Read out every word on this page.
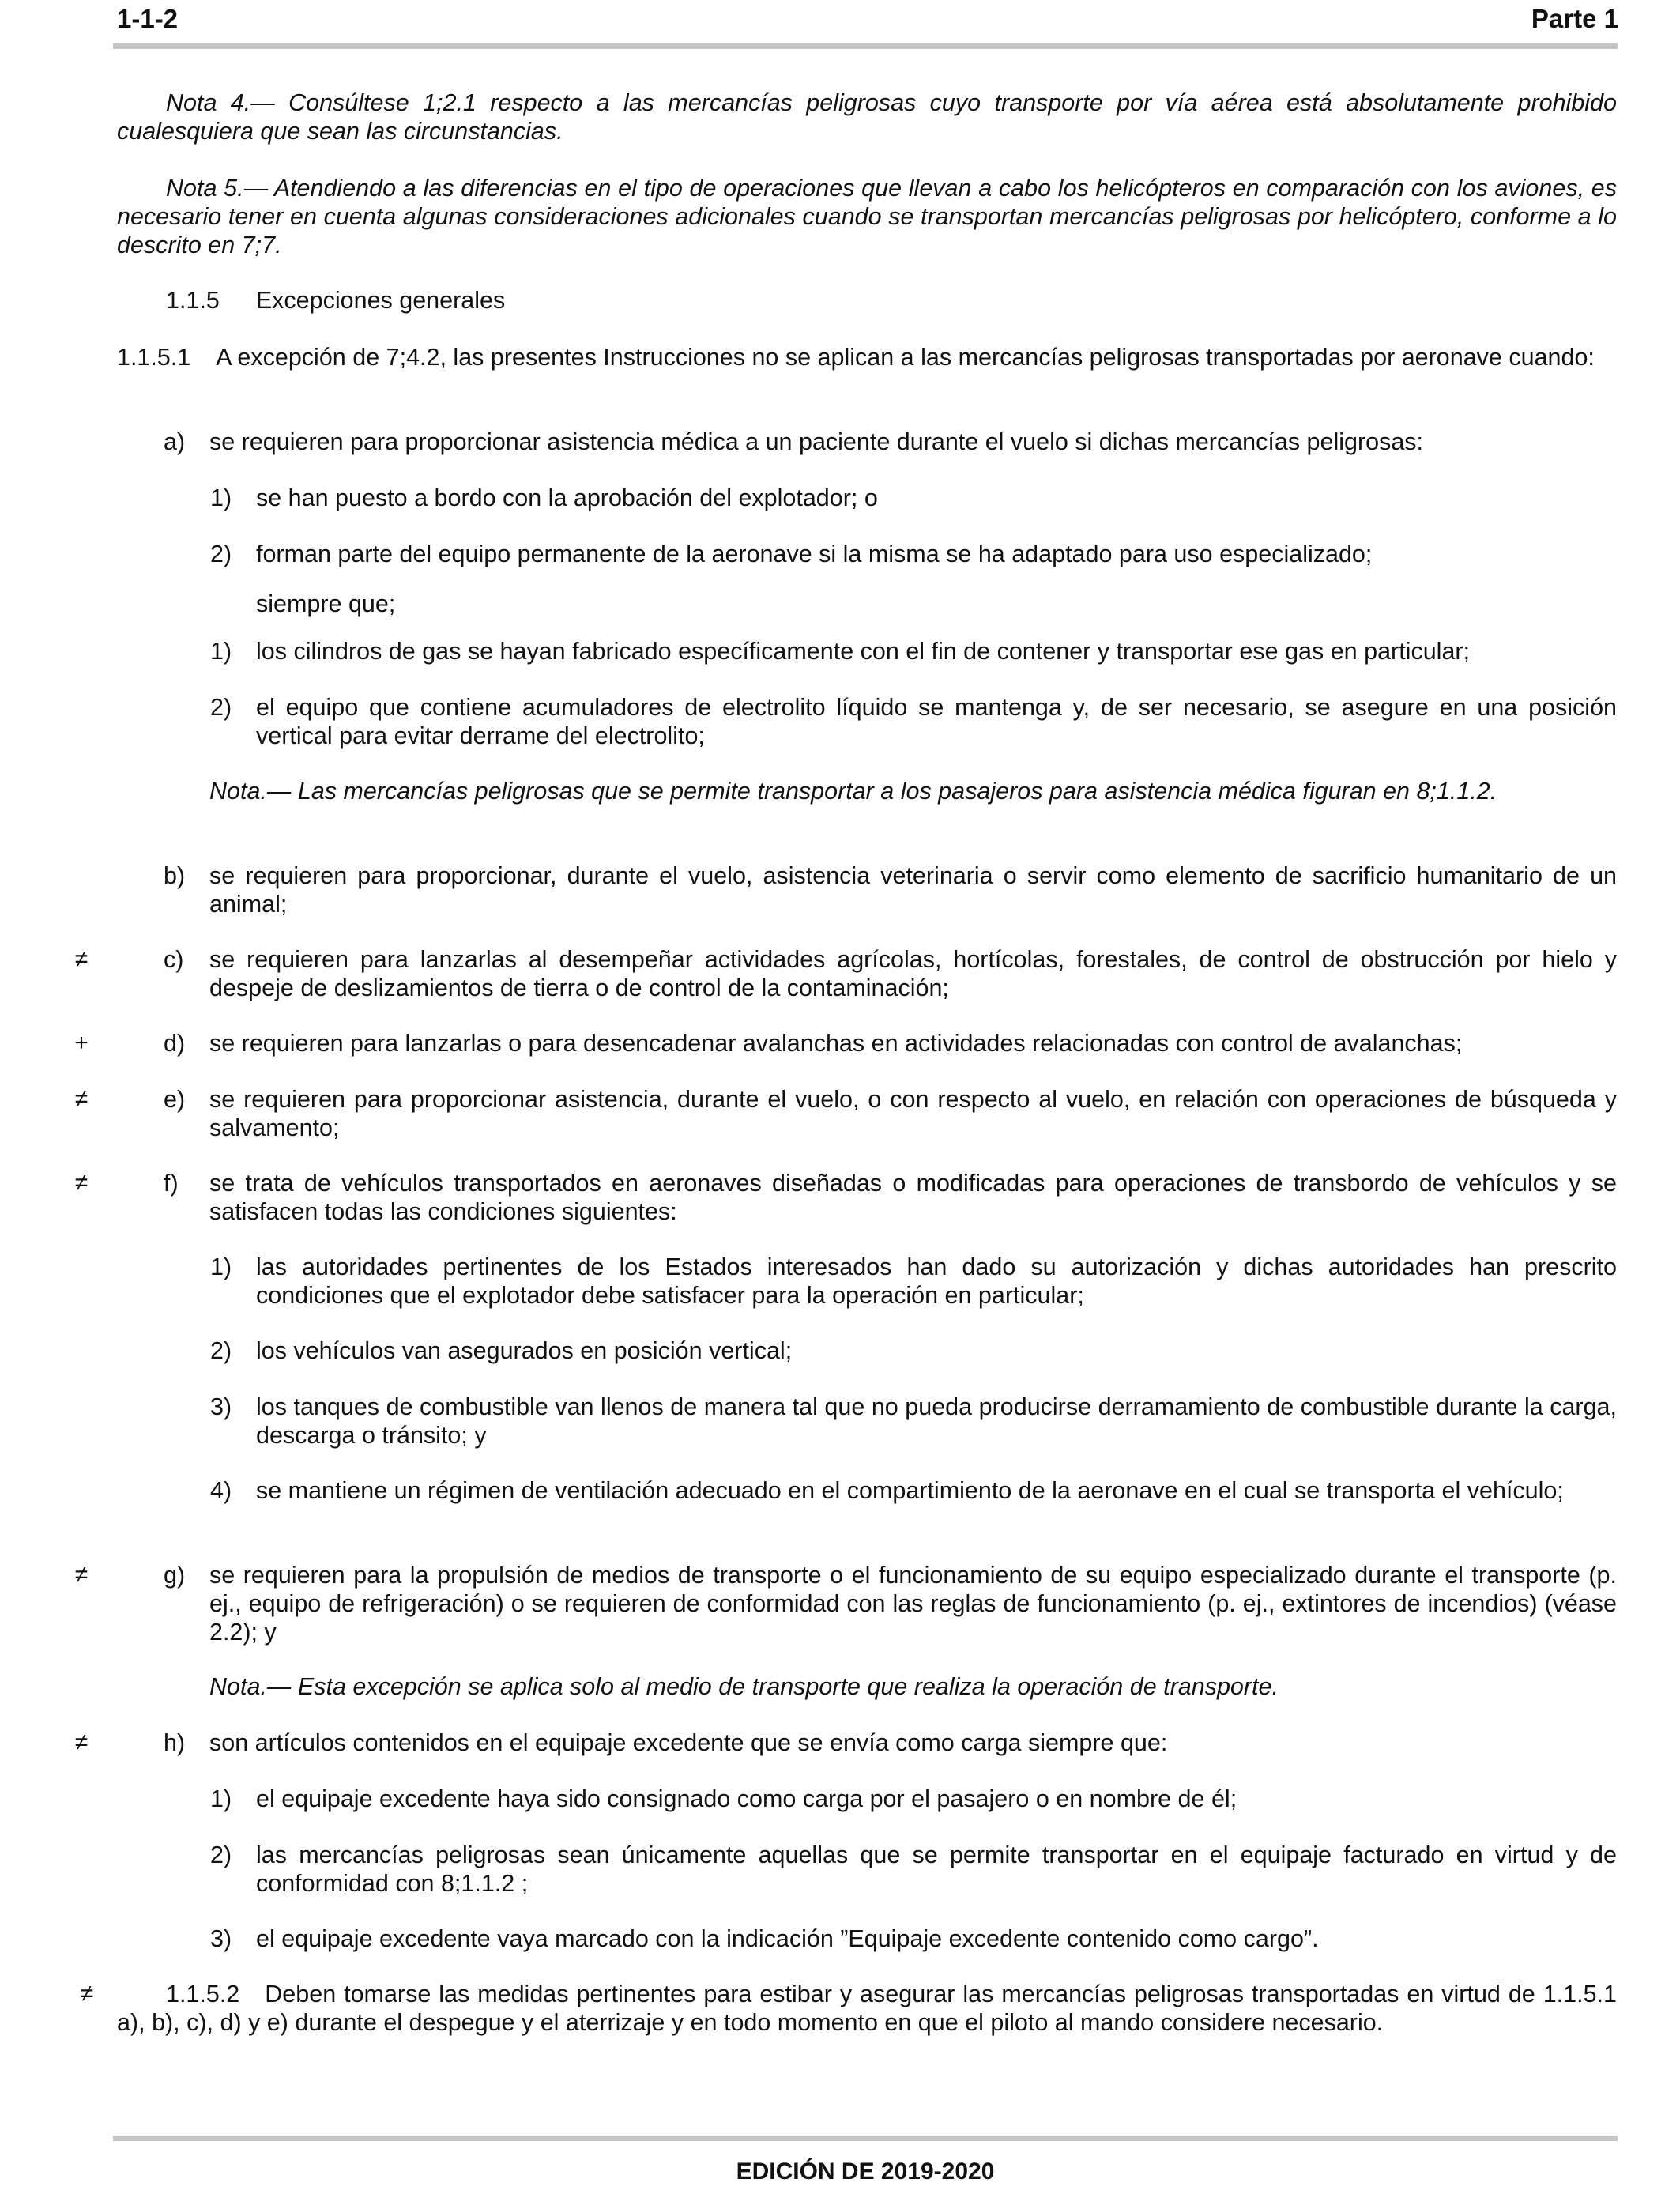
1-1-2	Parte 1
Nota 4.— Consúltese 1;2.1 respecto a las mercancías peligrosas cuyo transporte por vía aérea está absolutamente prohibido cualesquiera que sean las circunstancias.
Nota 5.— Atendiendo a las diferencias en el tipo de operaciones que llevan a cabo los helicópteros en comparación con los aviones, es necesario tener en cuenta algunas consideraciones adicionales cuando se transportan mercancías peligrosas por helicóptero, conforme a lo descrito en 7;7.
1.1.5 Excepciones generales
1.1.5.1 A excepción de 7;4.2, las presentes Instrucciones no se aplican a las mercancías peligrosas transportadas por aeronave cuando:
a)	se requieren para proporcionar asistencia médica a un paciente durante el vuelo si dichas mercancías peligrosas:
1)	se han puesto a bordo con la aprobación del explotador; o
2)	forman parte del equipo permanente de la aeronave si la misma se ha adaptado para uso especializado;
siempre que;
1)	los cilindros de gas se hayan fabricado específicamente con el fin de contener y transportar ese gas en particular;
2)	el equipo que contiene acumuladores de electrolito líquido se mantenga y, de ser necesario, se asegure en una posición vertical para evitar derrame del electrolito;
Nota.— Las mercancías peligrosas que se permite transportar a los pasajeros para asistencia médica figuran en 8;1.1.2.
b)	se requieren para proporcionar, durante el vuelo, asistencia veterinaria o servir como elemento de sacrificio humanitario de un animal;
≠	c)	se requieren para lanzarlas al desempeñar actividades agrícolas, hortícolas, forestales, de control de obstrucción por hielo y despeje de deslizamientos de tierra o de control de la contaminación;
+	d)	se requieren para lanzarlas o para desencadenar avalanchas en actividades relacionadas con control de avalanchas;
≠	e)	se requieren para proporcionar asistencia, durante el vuelo, o con respecto al vuelo, en relación con operaciones de búsqueda y salvamento;
≠	f)	se trata de vehículos transportados en aeronaves diseñadas o modificadas para operaciones de transbordo de vehículos y se satisfacen todas las condiciones siguientes:
1)	las autoridades pertinentes de los Estados interesados han dado su autorización y dichas autoridades han prescrito condiciones que el explotador debe satisfacer para la operación en particular;
2)	los vehículos van asegurados en posición vertical;
3)	los tanques de combustible van llenos de manera tal que no pueda producirse derramamiento de combustible durante la carga, descarga o tránsito; y
4)	se mantiene un régimen de ventilación adecuado en el compartimiento de la aeronave en el cual se transporta el vehículo;
≠	g)	se requieren para la propulsión de medios de transporte o el funcionamiento de su equipo especializado durante el transporte (p. ej., equipo de refrigeración) o se requieren de conformidad con las reglas de funcionamiento (p. ej., extintores de incendios) (véase 2.2); y
Nota.— Esta excepción se aplica solo al medio de transporte que realiza la operación de transporte.
≠	h)	son artículos contenidos en el equipaje excedente que se envía como carga siempre que:
1)	el equipaje excedente haya sido consignado como carga por el pasajero o en nombre de él;
2)	las mercancías peligrosas sean únicamente aquellas que se permite transportar en el equipaje facturado en virtud y de conformidad con 8;1.1.2 ;
3)	el equipaje excedente vaya marcado con la indicación ”Equipaje excedente contenido como cargo”.
≠	1.1.5.2 Deben tomarse las medidas pertinentes para estibar y asegurar las mercancías peligrosas transportadas en virtud de 1.1.5.1 a), b), c), d) y e) durante el despegue y el aterrizaje y en todo momento en que el piloto al mando considere necesario.
EDICIÓN DE 2019-2020
